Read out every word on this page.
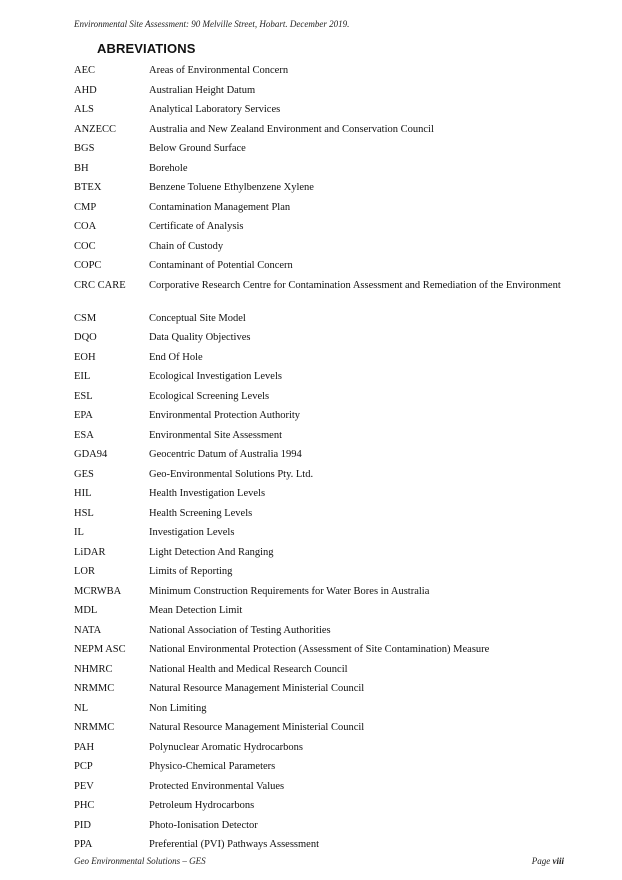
Environmental Site Assessment: 90 Melville Street, Hobart. December 2019.
ABREVIATIONS
AEC	Areas of Environmental Concern
AHD	Australian Height Datum
ALS	Analytical Laboratory Services
ANZECC	Australia and New Zealand Environment and Conservation Council
BGS	Below Ground Surface
BH	Borehole
BTEX	Benzene Toluene Ethylbenzene Xylene
CMP	Contamination Management Plan
COA	Certificate of Analysis
COC	Chain of Custody
COPC	Contaminant of Potential Concern
CRC CARE	Corporative Research Centre for Contamination Assessment and Remediation of the Environment
CSM	Conceptual Site Model
DQO	Data Quality Objectives
EOH	End Of Hole
EIL	Ecological Investigation Levels
ESL	Ecological Screening Levels
EPA	Environmental Protection Authority
ESA	Environmental Site Assessment
GDA94	Geocentric Datum of Australia 1994
GES	Geo-Environmental Solutions Pty. Ltd.
HIL	Health Investigation Levels
HSL	Health Screening Levels
IL	Investigation Levels
LiDAR	Light Detection And Ranging
LOR	Limits of Reporting
MCRWBA	Minimum Construction Requirements for Water Bores in Australia
MDL	Mean Detection Limit
NATA	National Association of Testing Authorities
NEPM ASC	National Environmental Protection (Assessment of Site Contamination) Measure
NHMRC	National Health and Medical Research Council
NRMMC	Natural Resource Management Ministerial Council
NL	Non Limiting
NRMMC	Natural Resource Management Ministerial Council
PAH	Polynuclear Aromatic Hydrocarbons
PCP	Physico-Chemical Parameters
PEV	Protected Environmental Values
PHC	Petroleum Hydrocarbons
PID	Photo-Ionisation Detector
PPA	Preferential (PVI) Pathways Assessment
Geo Environmental Solutions – GES	Page viii
